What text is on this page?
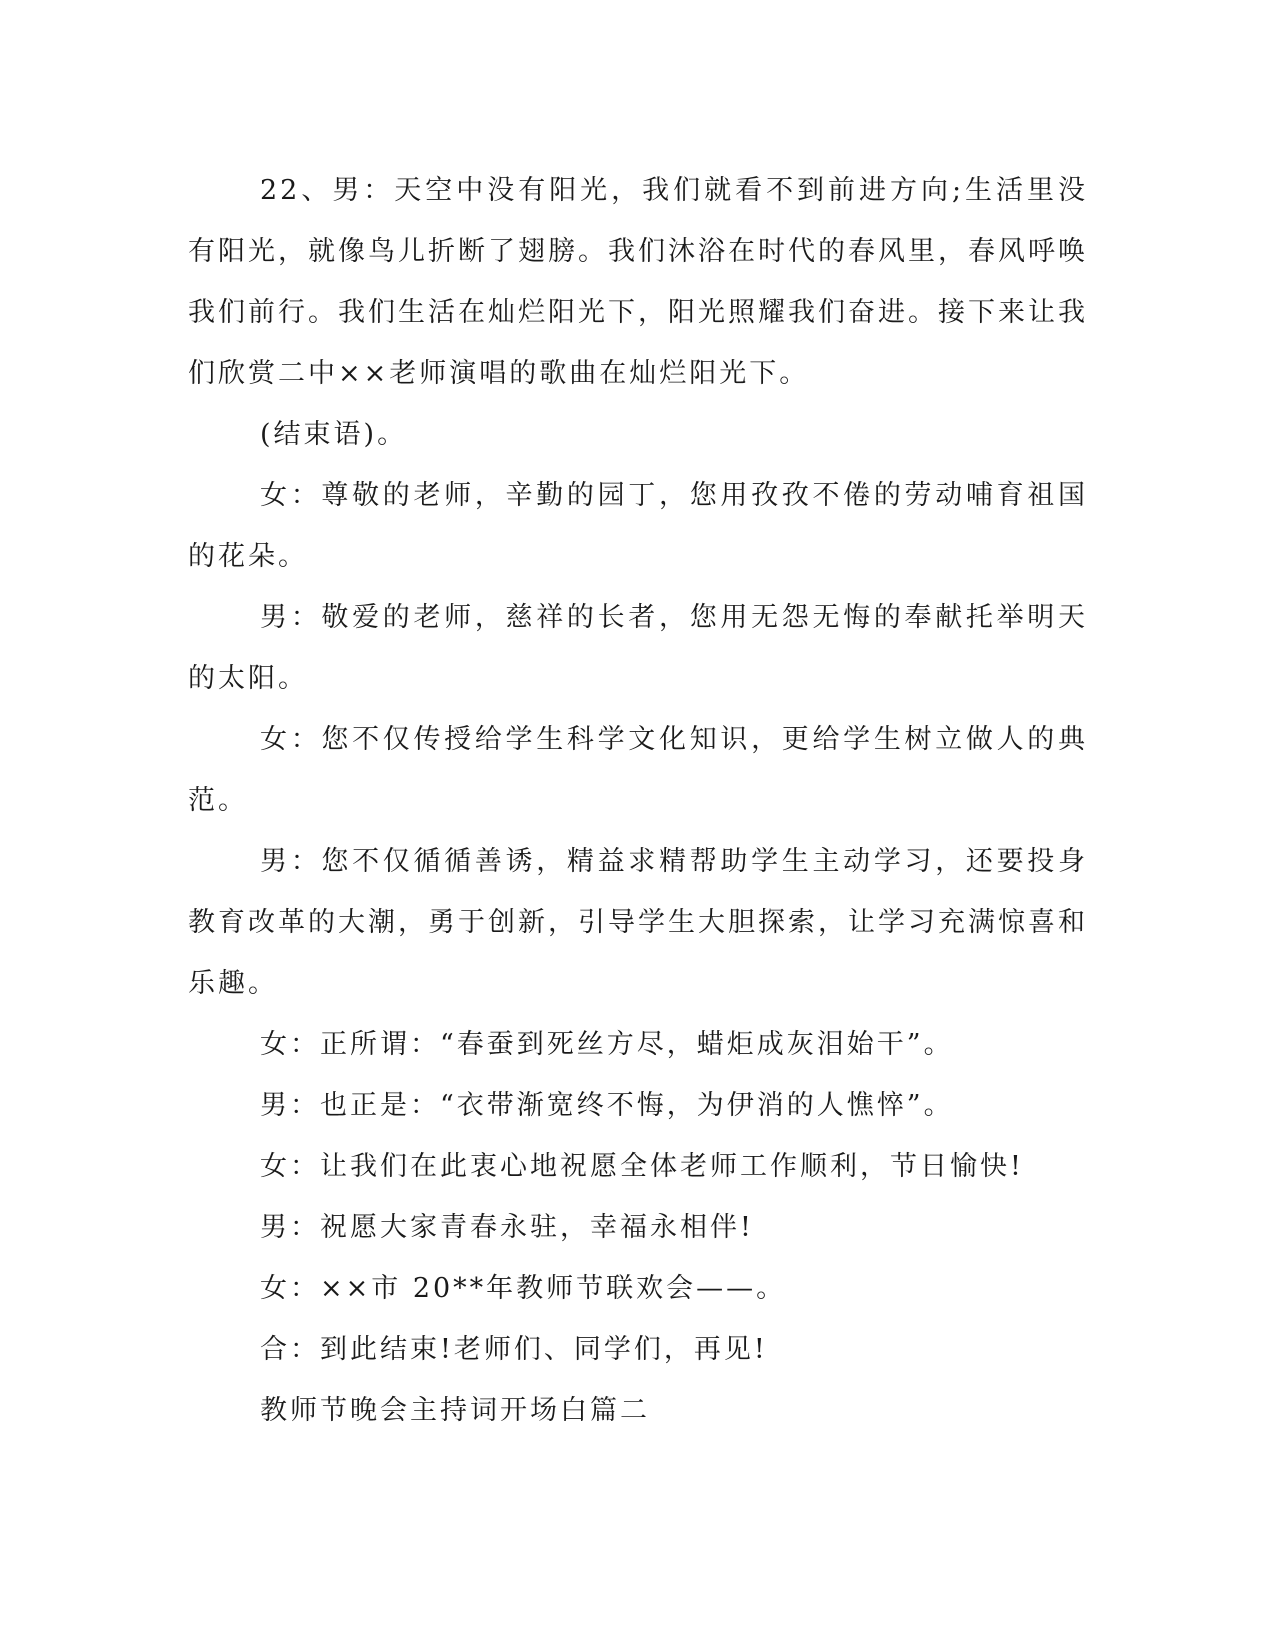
22、男：天空中没有阳光，我们就看不到前进方向;生活里没有阳光，就像鸟儿折断了翅膀。我们沐浴在时代的春风里，春风呼唤我们前行。我们生活在灿烂阳光下，阳光照耀我们奋进。接下来让我们欣赏二中××老师演唱的歌曲在灿烂阳光下。

(结束语)。

女：尊敬的老师，辛勤的园丁，您用孜孜不倦的劳动哺育祖国的花朵。

男：敬爱的老师，慈祥的长者，您用无怨无悔的奉献托举明天的太阳。

女：您不仅传授给学生科学文化知识，更给学生树立做人的典范。

男：您不仅循循善诱，精益求精帮助学生主动学习，还要投身教育改革的大潮，勇于创新，引导学生大胆探索，让学习充满惊喜和乐趣。

女：正所谓：“春蚕到死丝方尽，蜡炬成灰泪始干”。

男：也正是：“衣带渐宽终不悔，为伊消的人憔悴”。

女：让我们在此衷心地祝愿全体老师工作顺利，节日愉快!

男：祝愿大家青春永驻，幸福永相伴!

女：××市 20**年教师节联欢会——。

合：到此结束!老师们、同学们，再见!

教师节晚会主持词开场白篇二
